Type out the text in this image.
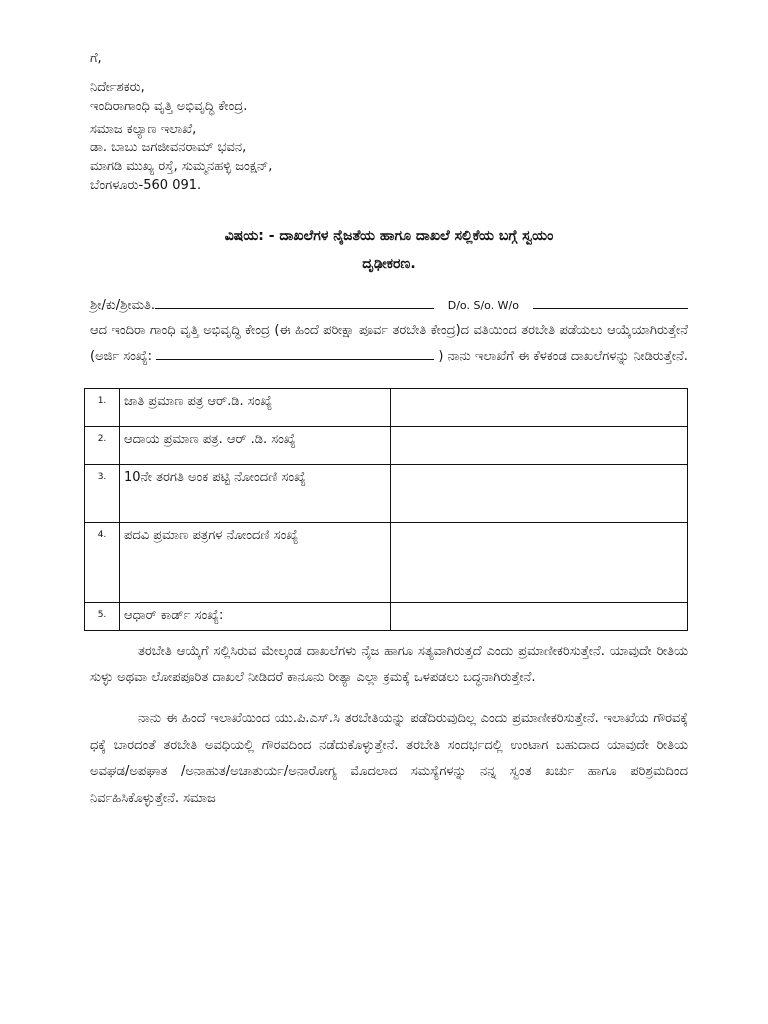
ಗೆ,
ನಿರ್ದೇಶಕರು,
ಇಂದಿರಾಗಾಂಧಿ ವೃತ್ತಿ ಅಭಿವೃದ್ಧಿ ಕೇಂದ್ರ.
ಸಮಾಜ ಕಲ್ಯಾಣ ಇಲಾಖೆ,
ಡಾ. ಬಾಬು ಜಗಜೀವನರಾಮ್ ಭವನ,
ಮಾಗಡಿ ಮುಖ್ಯ ರಸ್ತೆ, ಸುಮ್ಮನಹಳ್ಳಿ ಜಂಕ್ಷನ್,
ಬೆಂಗಳೂರು-560 091.
ವಿಷಯ: - ದಾಖಲೆಗಳ ನೈಜತೆಯ ಹಾಗೂ ದಾಖಲೆ ಸಲ್ಲಿಕೆಯ ಬಗ್ಗೆ ಸ್ವಯಂ
ದೃಢೀಕರಣ.
ಶ್ರೀ/ಕು/ಶ್ರೀಮತಿ.	D/o. S/o. W/o
ಆದ ಇಂದಿರಾ ಗಾಂಧಿ ವೃತ್ತಿ ಅಭಿವೃದ್ಧಿ ಕೇಂದ್ರ (ಈ ಹಿಂದೆ ಪರೀಕ್ಷಾ ಪೂರ್ವ ತರಬೇತಿ ಕೇಂದ್ರ)ದ ವತಿಯಿಂದ ತರಬೇತಿ ಪಡೆಯಲು ಆಯ್ಕೆಯಾಗಿರುತ್ತೇನೆ (ಅರ್ಜಿ ಸಂಖ್ಯೆ:	) ನಾನು ಇಲಾಖೆಗೆ ಈ ಕೆಳಕಂಡ ದಾಖಲೆಗಳನ್ನು ನೀಡಿರುತ್ತೇನೆ.
1.	ಜಾತಿ ಪ್ರಮಾಣ ಪತ್ರ ಆರ್.ಡಿ. ಸಂಖ್ಯೆ	
2.	ಆದಾಯ ಪ್ರಮಾಣ ಪತ್ರ. ಆರ್ .ಡಿ. ಸಂಖ್ಯೆ	
3.	10ನೇ ತರಗತಿ ಅಂಕ ಪಟ್ಟಿ ನೋಂದಣಿ ಸಂಖ್ಯೆ	
4.	ಪದವಿ ಪ್ರಮಾಣ ಪತ್ರಗಳ ನೋಂದಣಿ ಸಂಖ್ಯೆ	
5.	ಆಧಾರ್ ಕಾರ್ಡ್ ಸಂಖ್ಯೆ:	
ತರಬೇತಿ ಆಯ್ಕೆಗೆ ಸಲ್ಲಿಸಿರುವ ಮೇಲ್ಕಂಡ ದಾಖಲೆಗಳು ನೈಜ ಹಾಗೂ ಸತ್ಯವಾಗಿರುತ್ತದೆ ಎಂದು ಪ್ರಮಾಣೀಕರಿಸುತ್ತೇನೆ. ಯಾವುದೇ ರೀತಿಯ ಸುಳ್ಳು ಅಥವಾ ಲೋಪಪೂರಿತ ದಾಖಲೆ ನೀಡಿದರೆ ಕಾನೂನು ರೀತ್ಯಾ ಎಲ್ಲಾ ಕ್ರಮಕ್ಕೆ ಒಳಪಡಲು ಬದ್ಧನಾಗಿರುತ್ತೇನೆ.
ನಾನು ಈ ಹಿಂದೆ ಇಲಾಖೆಯಿಂದ ಯು.ಪಿ.ಎಸ್.ಸಿ ತರಬೇತಿಯನ್ನು ಪಡೆದಿರುವುದಿಲ್ಲ ಎಂದು ಪ್ರಮಾಣೀಕರಿಸುತ್ತೇನೆ. ಇಲಾಖೆಯ ಗೌರವಕ್ಕೆ ಧಕ್ಕೆ ಬಾರದಂತೆ ತರಬೇತಿ ಅವಧಿಯಲ್ಲಿ ಗೌರವದಿಂದ ನಡೆದುಕೊಳ್ಳುತ್ತೇನೆ. ತರಬೇತಿ ಸಂದರ್ಭದಲ್ಲಿ ಉಂಟಾಗ ಬಹುದಾದ ಯಾವುದೇ ರೀತಿಯ ಅವಘಡ/ಅಪಘಾತ /ಅನಾಹುತ/ಅಚಾತುರ್ಯ/ಅನಾರೋಗ್ಯ ಮೊದಲಾದ ಸಮಸ್ಯೆಗಳನ್ನು ನನ್ನ ಸ್ವಂತ ಖರ್ಚು ಹಾಗೂ ಪರಿಶ್ರಮದಿಂದ ನಿರ್ವಹಿಸಿಕೊಳ್ಳುತ್ತೇನೆ. ಸಮಾಜ
